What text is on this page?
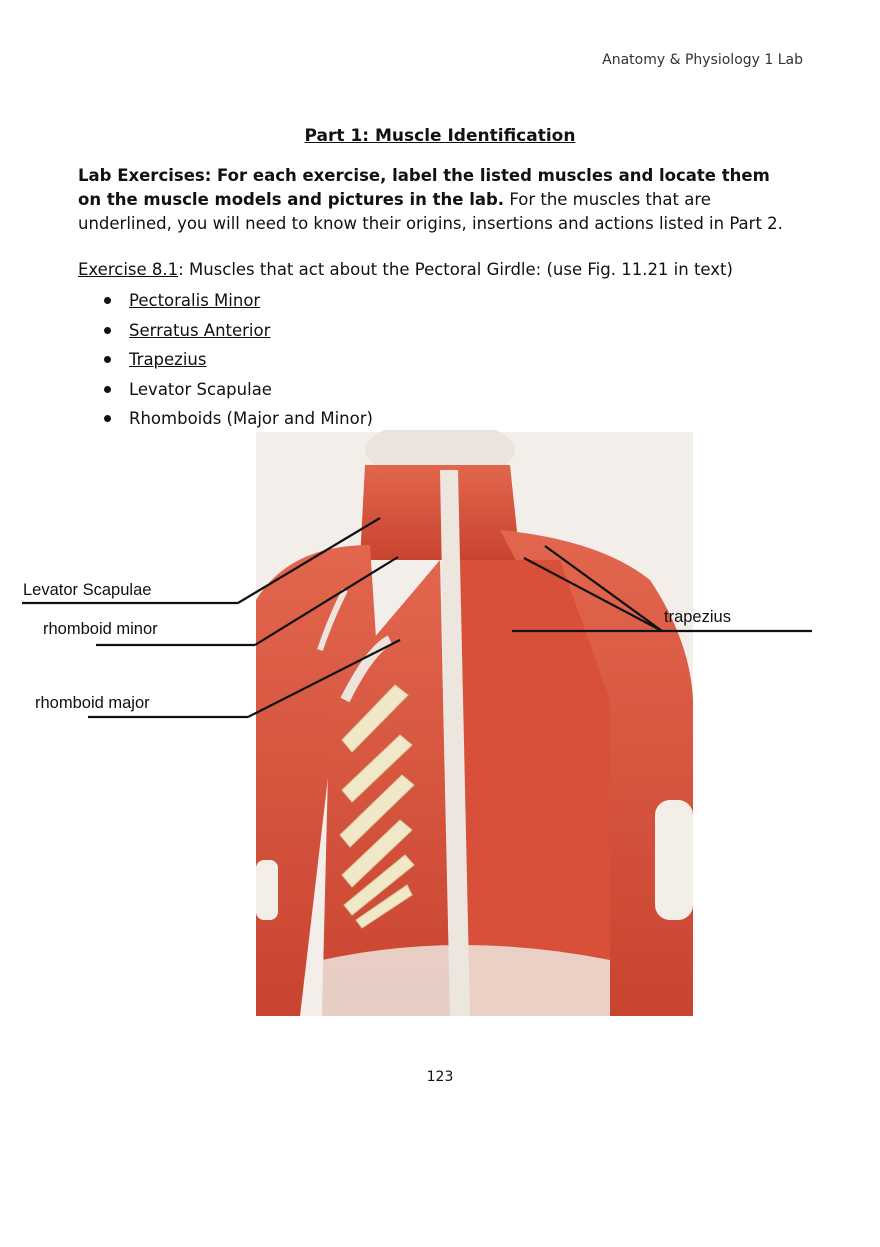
Anatomy & Physiology 1 Lab
Part 1: Muscle Identification
Lab Exercises: For each exercise, label the listed muscles and locate them on the muscle models and pictures in the lab. For the muscles that are underlined, you will need to know their origins, insertions and actions listed in Part 2.
Exercise 8.1: Muscles that act about the Pectoral Girdle: (use Fig. 11.21 in text)
Pectoralis Minor
Serratus Anterior
Trapezius
Levator Scapulae
Rhomboids (Major and Minor)
Levator Scapulae
rhomboid minor
rhomboid major
trapezius
123
